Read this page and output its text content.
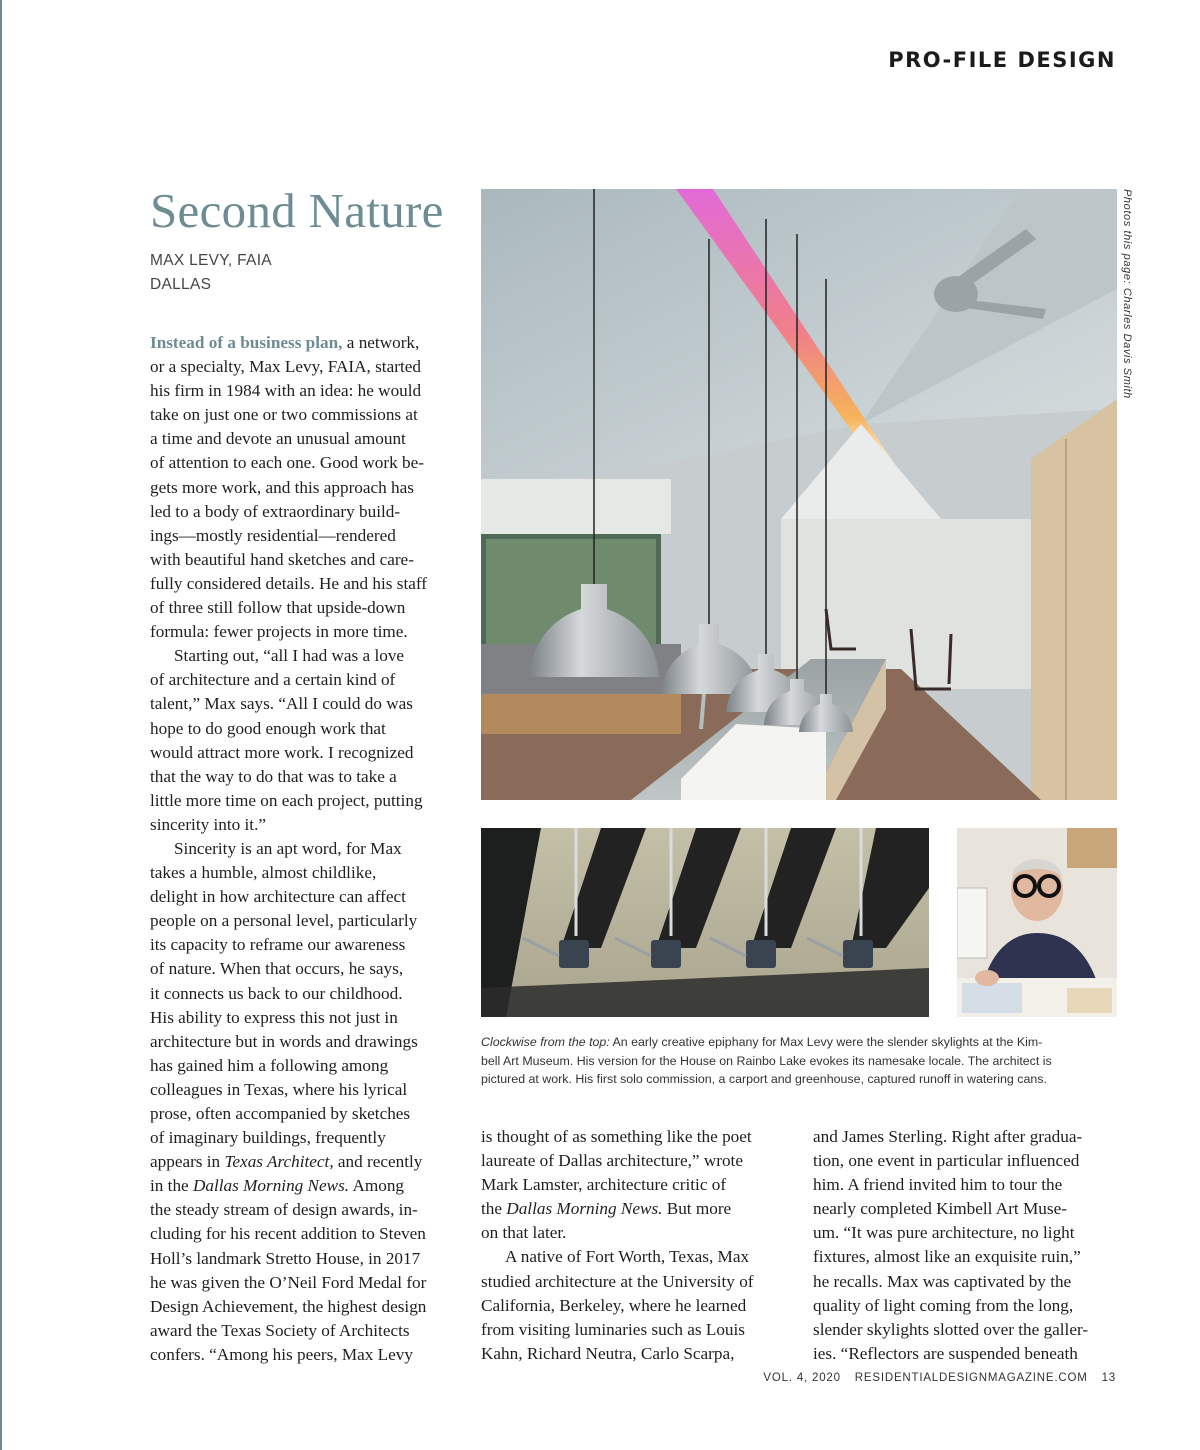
PRO-FILE DESIGN
Second Nature
MAX LEVY, FAIA
DALLAS

Instead of a business plan, a network,

or a specialty, Max Levy, FAIA, started

his firm in 1984 with an idea: he would

take on just one or two commissions at

a time and devote an unusual amount

of attention to each one. Good work be-

gets more work, and this approach has

led to a body of extraordinary build-

ings—mostly residential—rendered

with beautiful hand sketches and care-

fully considered details. He and his staff

of three still follow that upside-down

formula: fewer projects in more time.

Starting out, “all I had was a love

of architecture and a certain kind of

talent,” Max says. “All I could do was

hope to do good enough work that

would attract more work. I recognized

that the way to do that was to take a

little more time on each project, putting

sincerity into it.”

Sincerity is an apt word, for Max

takes a humble, almost childlike,

delight in how architecture can affect

people on a personal level, particularly

its capacity to reframe our awareness

of nature. When that occurs, he says,

it connects us back to our childhood.

His ability to express this not just in

architecture but in words and drawings

has gained him a following among

colleagues in Texas, where his lyrical

prose, often accompanied by sketches

of imaginary buildings, frequently

appears in Texas Architect, and recently

in the Dallas Morning News. Among

the steady stream of design awards, in-

cluding for his recent addition to Steven

Holl’s landmark Stretto House, in 2017

he was given the O’Neil Ford Medal for

Design Achievement, the highest design

award the Texas Society of Architects

confers. “Among his peers, Max Levy

Photos this page: Charles Davis Smith

Clockwise from the top: An early creative epiphany for Max Levy were the slender skylights at the Kim-

bell Art Museum. His version for the House on Rainbo Lake evokes its namesake locale. The architect is

pictured at work. His first solo commission, a carport and greenhouse, captured runoff in watering cans.

is thought of as something like the poet

laureate of Dallas architecture,” wrote

Mark Lamster, architecture critic of

the Dallas Morning News. But more

on that later.

A native of Fort Worth, Texas, Max

studied architecture at the University of

California, Berkeley, where he learned

from visiting luminaries such as Louis

Kahn, Richard Neutra, Carlo Scarpa,

and James Sterling. Right after gradua-

tion, one event in particular influenced

him. A friend invited him to tour the

nearly completed Kimbell Art Muse-

um. “It was pure architecture, no light

fixtures, almost like an exquisite ruin,”

he recalls. Max was captivated by the

quality of light coming from the long,

slender skylights slotted over the galler-

ies. “Reflectors are suspended beneath

VOL. 4, 2020 RESIDENTIALDESIGNMAGAZINE.COM 13
